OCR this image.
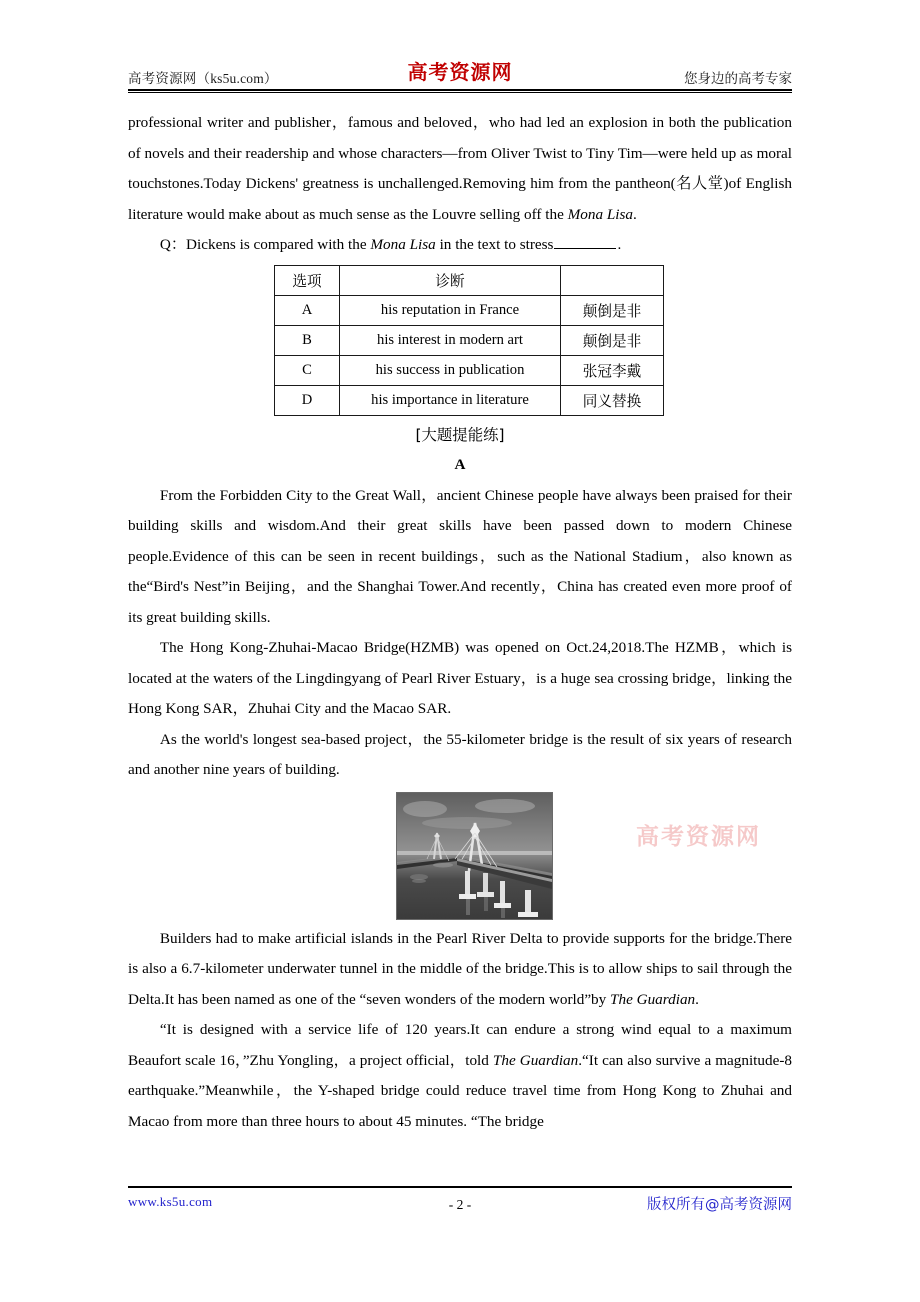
高考资源网（ks5u.com）	高考资源网	您身边的高考专家

professional writer and publisher，famous and beloved，who had led an explosion in both the publication of novels and their readership and whose characters—from Oliver Twist to Tiny Tim—were held up as moral touchstones.Today Dickens' greatness is unchallenged.Removing him from the pantheon(名人堂)of English literature would make about as much sense as the Louvre selling off the Mona Lisa.

Q：Dickens is compared with the Mona Lisa in the text to stress	.

选项	诊断	
A	his reputation in France	颠倒是非
B	his interest in modern art	颠倒是非
C	his success in publication	张冠李戴
D	his importance in literature	同义替换
[大题提能练]
A

From the Forbidden City to the Great Wall，ancient Chinese people have always been praised for their building skills and wisdom.And their great skills have been passed down to modern Chinese people.Evidence of this can be seen in recent buildings，such as the National Stadium，also known as the“Bird's Nest”in Beijing，and the Shanghai Tower.And recently，China has created even more proof of its great building skills.

The Hong Kong-Zhuhai-Macao Bridge(HZMB) was opened on Oct.24,2018.The HZMB，which is located at the waters of the Lingdingyang of Pearl River Estuary，is a huge sea crossing bridge，linking the Hong Kong SAR，Zhuhai City and the Macao SAR.

As the world's longest sea-based project，the 55-kilometer bridge is the result of six years of research and another nine years of building.

高考资源网

Builders had to make artificial islands in the Pearl River Delta to provide supports for the bridge.There is also a 6.7-kilometer underwater tunnel in the middle of the bridge.This is to allow ships to sail through the Delta.It has been named as one of the “seven wonders of the modern world”by The Guardian.

“It is designed with a service life of 120 years.It can endure a strong wind equal to a maximum Beaufort scale 16，”Zhu Yongling，a project official，told The Guardian.“It can also survive a magnitude-8 earthquake.”Meanwhile，the Y-shaped bridge could reduce travel time from Hong Kong to Zhuhai and Macao from more than three hours to about 45 minutes. “The bridge

www.ks5u.com	- 2 -	版权所有@高考资源网
